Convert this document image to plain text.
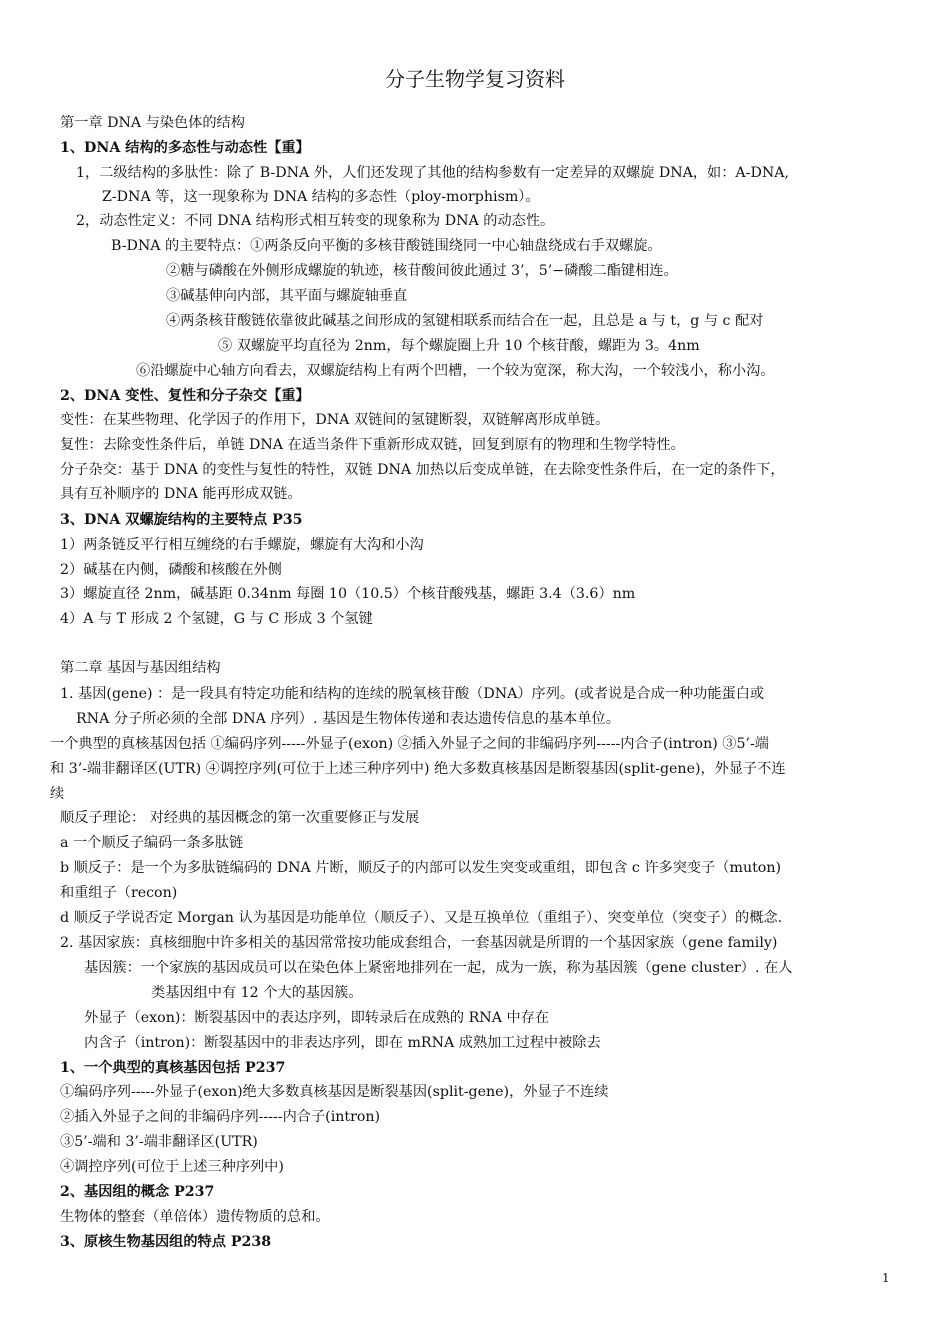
分子生物学复习资料
第一章 DNA 与染色体的结构
1、DNA 结构的多态性与动态性【重】
1，二级结构的多肽性：除了 B-DNA 外，人们还发现了其他的结构参数有一定差异的双螺旋 DNA，如：A-DNA,
Z-DNA 等，这一现象称为 DNA 结构的多态性（ploy-morphism）。
2，动态性定义：不同 DNA 结构形式相互转变的现象称为 DNA 的动态性。
B-DNA 的主要特点：①两条反向平衡的多核苷酸链围绕同一中心轴盘绕成右手双螺旋。
②糖与磷酸在外侧形成螺旋的轨迹，核苷酸间彼此通过 3’，5’−磷酸二酯键相连。
③碱基伸向内部，其平面与螺旋轴垂直
④两条核苷酸链依靠彼此碱基之间形成的氢键相联系而结合在一起，且总是 a 与 t，g 与 c 配对
⑤ 双螺旋平均直径为 2nm，每个螺旋圈上升 10 个核苷酸，螺距为 3。4nm
⑥沿螺旋中心轴方向看去，双螺旋结构上有两个凹槽，一个较为宽深，称大沟，一个较浅小，称小沟。
2、DNA 变性、复性和分子杂交【重】
变性：在某些物理、化学因子的作用下，DNA 双链间的氢键断裂，双链解离形成单链。
复性：去除变性条件后，单链 DNA 在适当条件下重新形成双链，回复到原有的物理和生物学特性。
分子杂交：基于 DNA 的变性与复性的特性，双链 DNA 加热以后变成单链，在去除变性条件后，在一定的条件下，
具有互补顺序的 DNA 能再形成双链。
3、DNA 双螺旋结构的主要特点 P35
1）两条链反平行相互缠绕的右手螺旋，螺旋有大沟和小沟
2）碱基在内侧，磷酸和核酸在外侧
3）螺旋直径 2nm，碱基距 0.34nm 每圈 10（10.5）个核苷酸残基，螺距 3.4（3.6）nm
4）A 与 T 形成 2 个氢键，G 与 C 形成 3 个氢键
第二章 基因与基因组结构
1. 基因(gene) ：是一段具有特定功能和结构的连续的脱氧核苷酸（DNA）序列。(或者说是合成一种功能蛋白或
RNA 分子所必须的全部 DNA 序列）. 基因是生物体传递和表达遗传信息的基本单位。
一个典型的真核基因包括 ①编码序列-----外显子(exon) ②插入外显子之间的非编码序列-----内合子(intron) ③5’-端
和 3’-端非翻译区(UTR) ④调控序列(可位于上述三种序列中) 绝大多数真核基因是断裂基因(split-gene)，外显子不连
续
顺反子理论： 对经典的基因概念的第一次重要修正与发展
a 一个顺反子编码一条多肽链
b 顺反子：是一个为多肽链编码的 DNA 片断，顺反子的内部可以发生突变或重组，即包含 c 许多突变子（muton)
和重组子（recon)
d 顺反子学说否定 Morgan 认为基因是功能单位（顺反子）、又是互换单位（重组子）、突变单位（突变子）的概念.
2. 基因家族：真核细胞中许多相关的基因常常按功能成套组合，一套基因就是所谓的一个基因家族（gene family)
基因簇：一个家族的基因成员可以在染色体上紧密地排列在一起，成为一族，称为基因簇（gene cluster）. 在人
类基因组中有 12 个大的基因簇。
外显子（exon)：断裂基因中的表达序列，即转录后在成熟的 RNA 中存在
内含子（intron)：断裂基因中的非表达序列，即在 mRNA 成熟加工过程中被除去
1、一个典型的真核基因包括 P237
①编码序列-----外显子(exon)绝大多数真核基因是断裂基因(split-gene)，外显子不连续
②插入外显子之间的非编码序列-----内合子(intron)
③5’-端和 3’-端非翻译区(UTR)
④调控序列(可位于上述三种序列中)
2、基因组的概念 P237
生物体的整套（单倍体）遗传物质的总和。
3、原核生物基因组的特点 P238
1
